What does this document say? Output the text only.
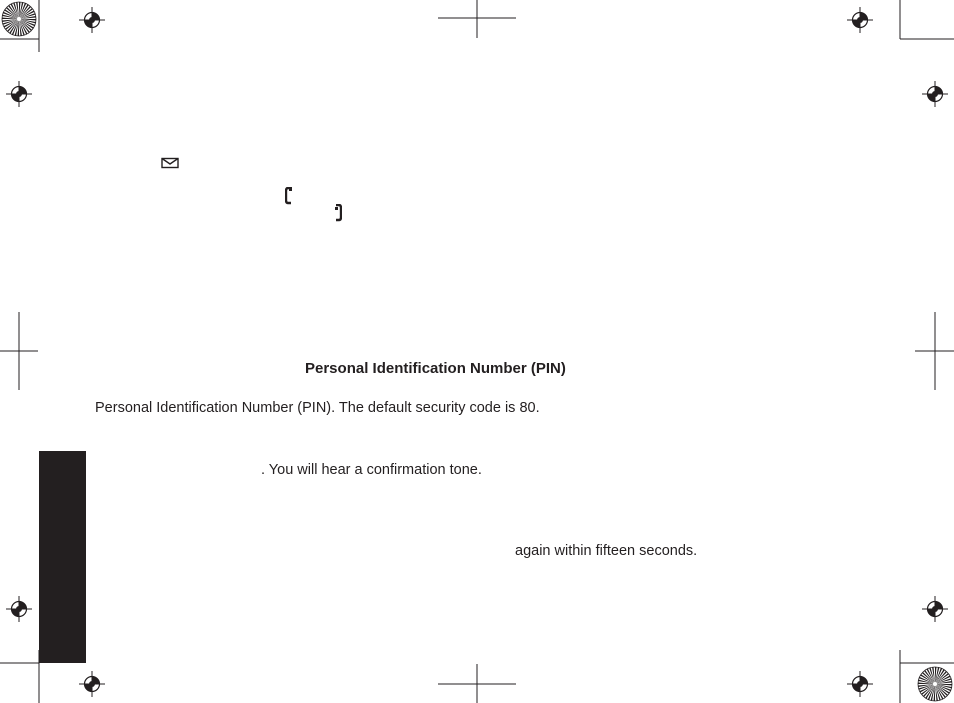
Personal Identification Number (PIN)
Personal Identification Number (PIN). The default security code is 80.
. You will hear a confirmation tone.
again within fifteen seconds.
